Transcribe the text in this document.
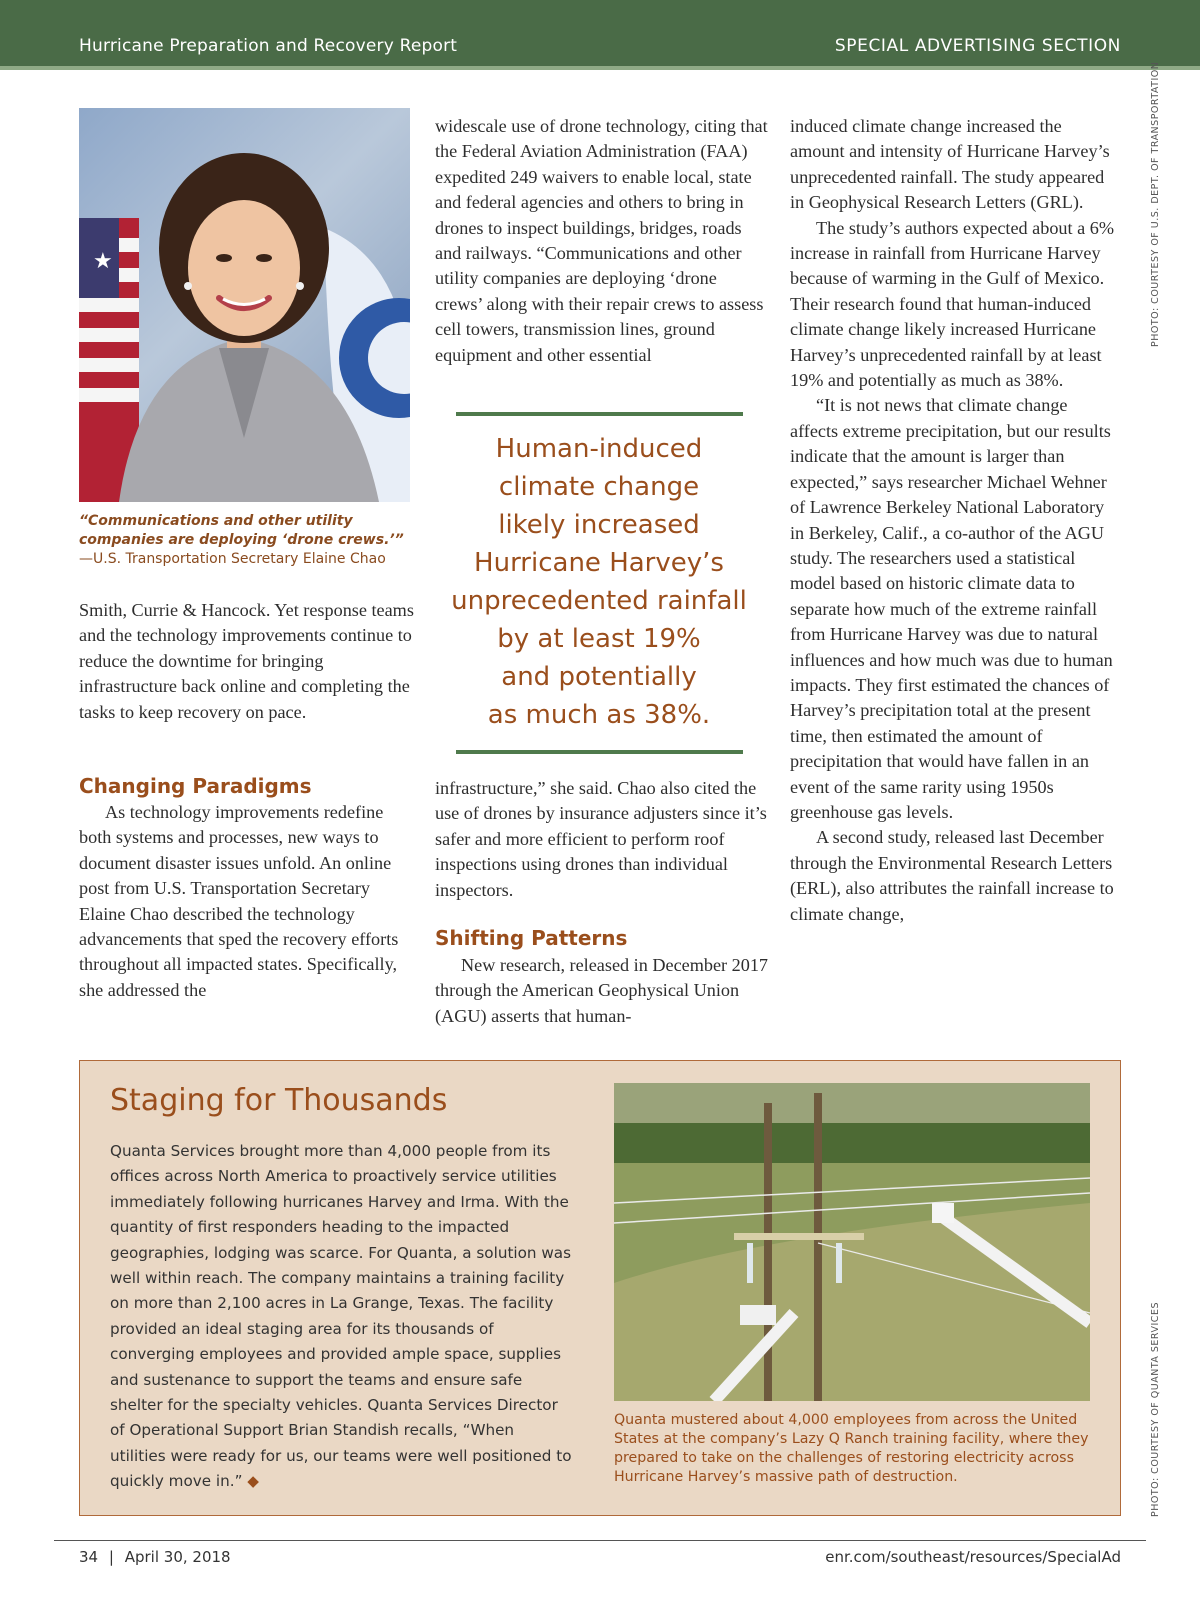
Hurricane Preparation and Recovery Report	SPECIAL ADVERTISING SECTION
PHOTO: COURTESY OF U.S. DEPT. OF TRANSPORTATION
PHOTO: COURTESY OF QUANTA SERVICES
★
“Communications and other utility companies are deploying ‘drone crews.’”
—U.S. Transportation Secretary Elaine Chao

Smith, Currie & Hancock. Yet response teams and the technology improvements continue to reduce the downtime for bringing infrastructure back online and completing the tasks to keep recovery on pace.

Changing Paradigms

As technology improvements redefine both systems and processes, new ways to document disaster issues unfold. An online post from U.S. Transportation Secretary Elaine Chao described the technology advancements that sped the recovery efforts throughout all impacted states. Specifically, she addressed the

widescale use of drone technology, citing that the Federal Aviation Administration (FAA) expedited 249 waivers to enable local, state and federal agencies and others to bring in drones to inspect buildings, bridges, roads and railways. “Communications and other utility companies are deploying ‘drone crews’ along with their repair crews to assess cell towers, transmission lines, ground equipment and other essential

Human-induced
climate change
likely increased
Hurricane Harvey’s
unprecedented rainfall
by at least 19%
and potentially
as much as 38%.

infrastructure,” she said. Chao also cited the use of drones by insurance adjusters since it’s safer and more efficient to perform roof inspections using drones than individual inspectors.

Shifting Patterns

New research, released in December 2017 through the American Geophysical Union (AGU) asserts that human-

induced climate change increased the amount and intensity of Hurricane Harvey’s unprecedented rainfall. The study appeared in Geophysical Research Letters (GRL).

The study’s authors expected about a 6% increase in rainfall from Hurricane Harvey because of warming in the Gulf of Mexico. Their research found that human-induced climate change likely increased Hurricane Harvey’s unprecedented rainfall by at least 19% and potentially as much as 38%.

“It is not news that climate change affects extreme precipitation, but our results indicate that the amount is larger than expected,” says researcher Michael Wehner of Lawrence Berkeley National Laboratory in Berkeley, Calif., a co-author of the AGU study. The researchers used a statistical model based on historic climate data to separate how much of the extreme rainfall from Hurricane Harvey was due to natural influences and how much was due to human impacts. They first estimated the chances of Harvey’s precipitation total at the present time, then estimated the amount of precipitation that would have fallen in an event of the same rarity using 1950s greenhouse gas levels.

A second study, released last December through the Environmental Research Letters (ERL), also attributes the rainfall increase to climate change,

Staging for Thousands
Quanta Services brought more than 4,000 people from its offices across North America to proactively service utilities immediately following hurricanes Harvey and Irma. With the quantity of first responders heading to the impacted geographies, lodging was scarce. For Quanta, a solution was well within reach. The company maintains a training facility on more than 2,100 acres in La Grange, Texas. The facility provided an ideal staging area for its thousands of converging employees and provided ample space, supplies and sustenance to support the teams and ensure safe shelter for the specialty vehicles. Quanta Services Director of Operational Support Brian Standish recalls, “When utilities were ready for us, our teams were well positioned to quickly move in.” ◆
Quanta mustered about 4,000 employees from across the United States at the company’s Lazy Q Ranch training facility, where they prepared to take on the challenges of restoring electricity across Hurricane Harvey’s massive path of destruction.
34 | April 30, 2018	enr.com/southeast/resources/SpecialAd
